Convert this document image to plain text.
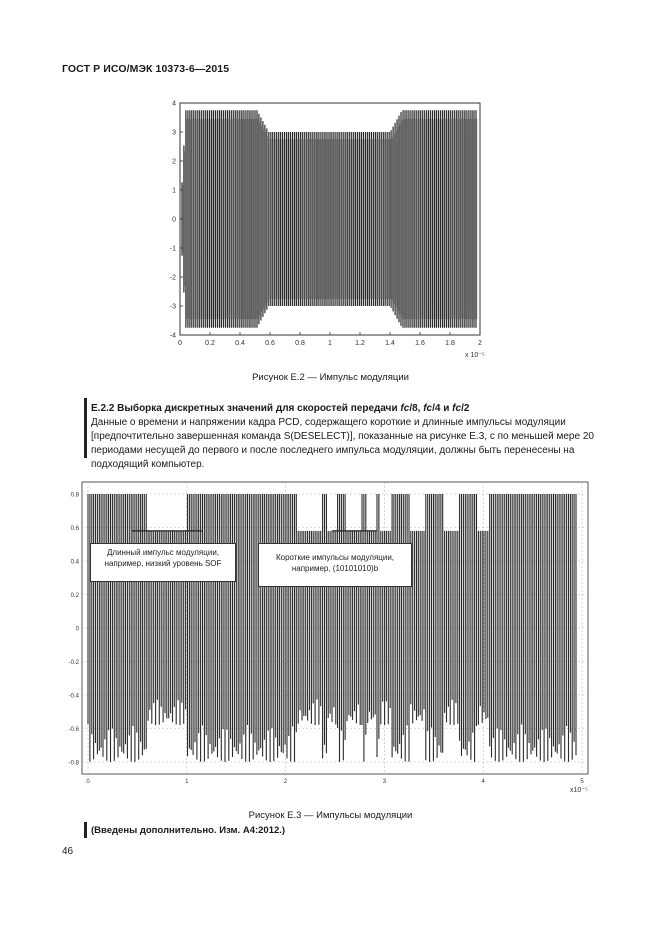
ГОСТ Р ИСО/МЭК 10373-6—2015
4
3
2
1
0
-1
-2
-3
-4
0	0.2	0.4	0.6	0.8	1	1.2	1.4	1.6	1.8	2
x 10⁻⁵
Рисунок Е.2 — Импульс модуляции
Е.2.2 Выборка дискретных значений для скоростей передачи fc/8, fc/4 и fc/2
Данные о времени и напряжении кадра PCD, содержащего короткие и длинные импульсы модуляции [предпочтительно завершенная команда S(DESELECT)], показанные на рисунке Е.3, с по меньшей мере 20 периодами несущей до первого и после последнего импульса модуляции, должны быть перенесены на подходящий компьютер.
0.8
0.6
0.4
0.2
0
-0.2
-0.4
-0.6
-0.8
0	1	2	3	4	5
x10⁻⁵
Длинный импульс модуляции, например, низкий уровень SOF
Короткие импульсы модуляции, например, (10101010)b
Рисунок Е.3 — Импульсы модуляции
(Введены дополнительно. Изм. А4:2012.)
46
